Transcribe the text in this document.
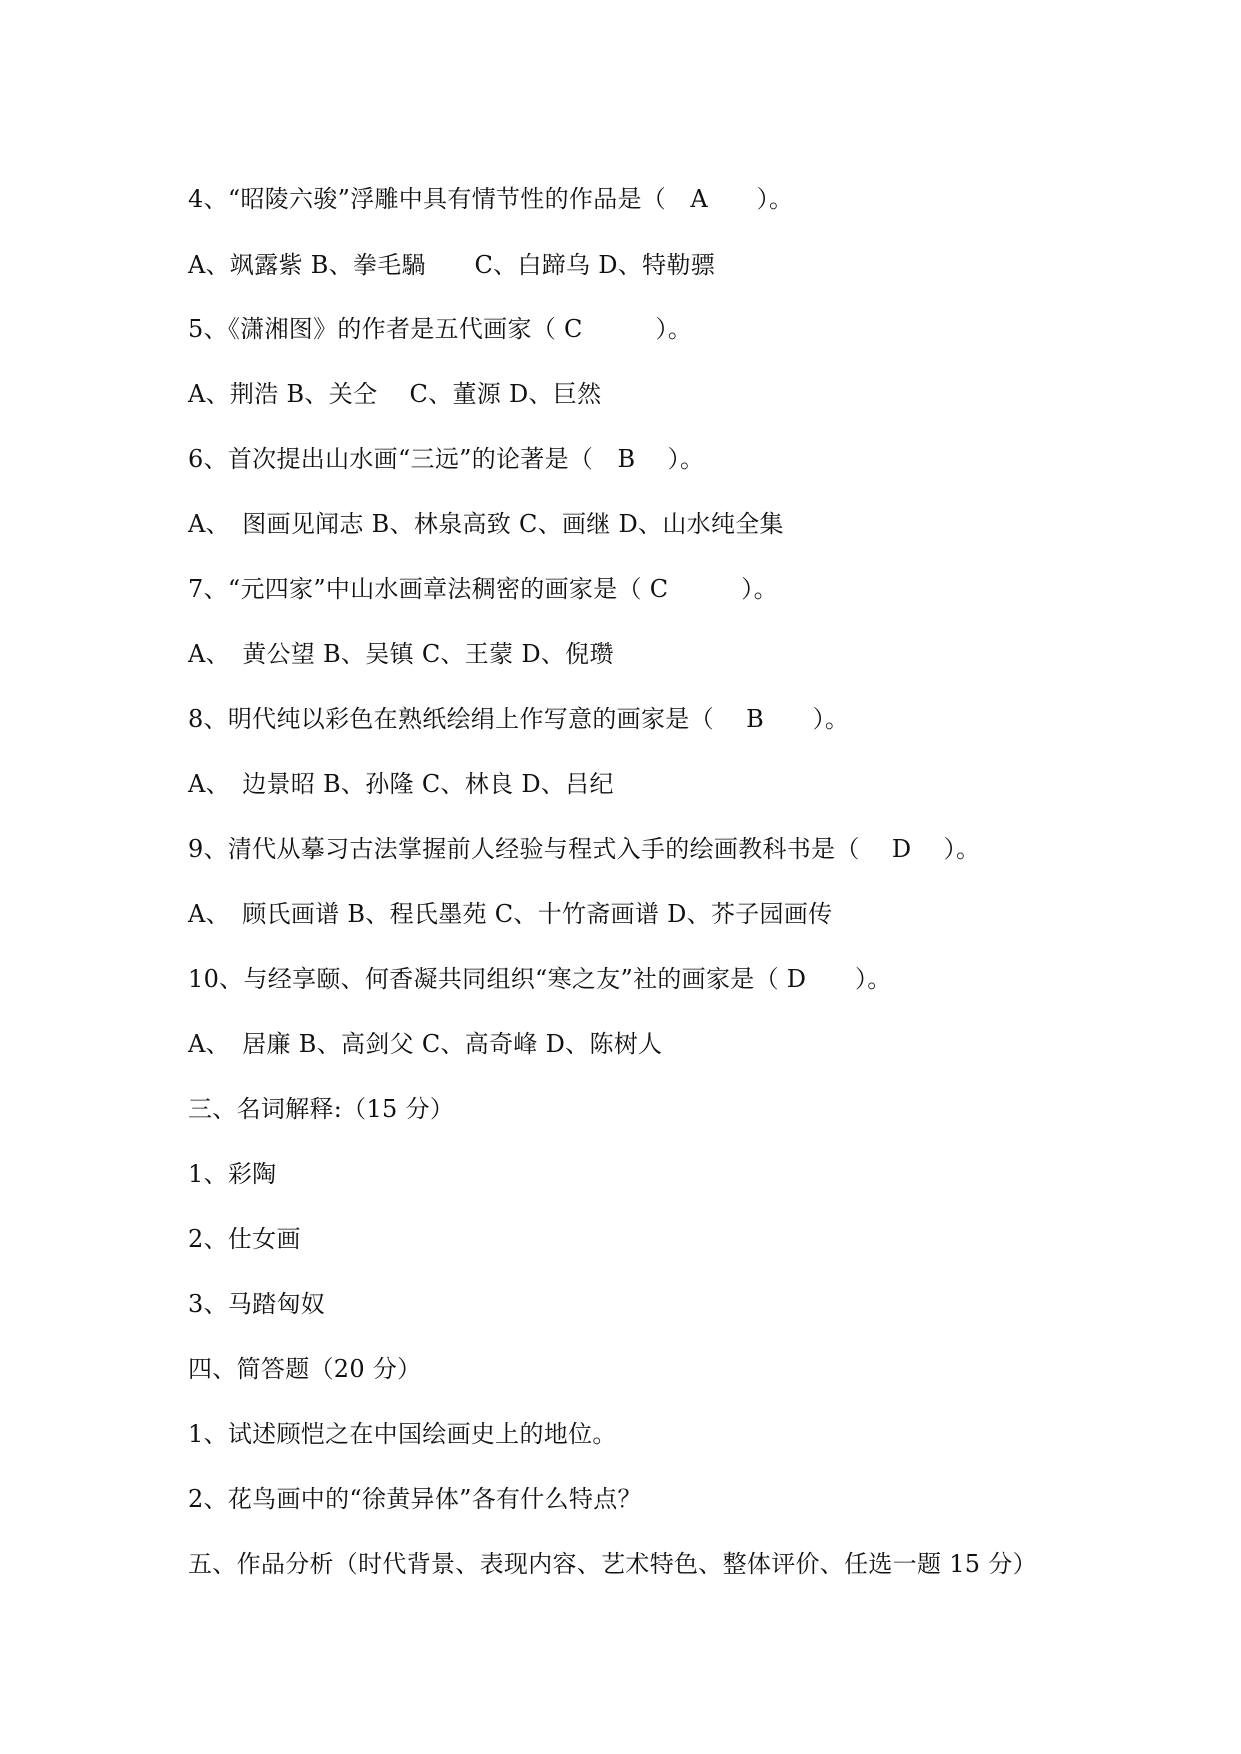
4、“昭陵六骏”浮雕中具有情节性的作品是（　A　　）。
A、飒露紫 B、拳毛騧　　C、白蹄乌 D、特勒骠
5、《潇湘图》的作者是五代画家（ C　　　）。
A、荆浩 B、关仝　 C、董源 D、巨然
6、首次提出山水画“三远”的论著是（　B　 ）。
A、　图画见闻志 B、林泉高致 C、画继 D、山水纯全集
7、“元四家”中山水画章法稠密的画家是（ C　　　）。
A、　黄公望 B、吴镇 C、王蒙 D、倪瓒
8、明代纯以彩色在熟纸绘绢上作写意的画家是（　 B　　）。
A、　边景昭 B、孙隆 C、林良 D、吕纪
9、清代从摹习古法掌握前人经验与程式入手的绘画教科书是（　 D　 ）。
A、　顾氏画谱 B、程氏墨苑 C、十竹斋画谱 D、芥子园画传
10、与经享颐、何香凝共同组织“寒之友”社的画家是（ D　　）。
A、　居廉 B、高剑父 C、高奇峰 D、陈树人
三、名词解释:（15 分）
1、彩陶
2、仕女画
3、马踏匈奴
四、简答题（20 分）
1、试述顾恺之在中国绘画史上的地位。
2、花鸟画中的“徐黄异体”各有什么特点？
五、作品分析（时代背景、表现内容、艺术特色、整体评价、任选一题 15 分）
